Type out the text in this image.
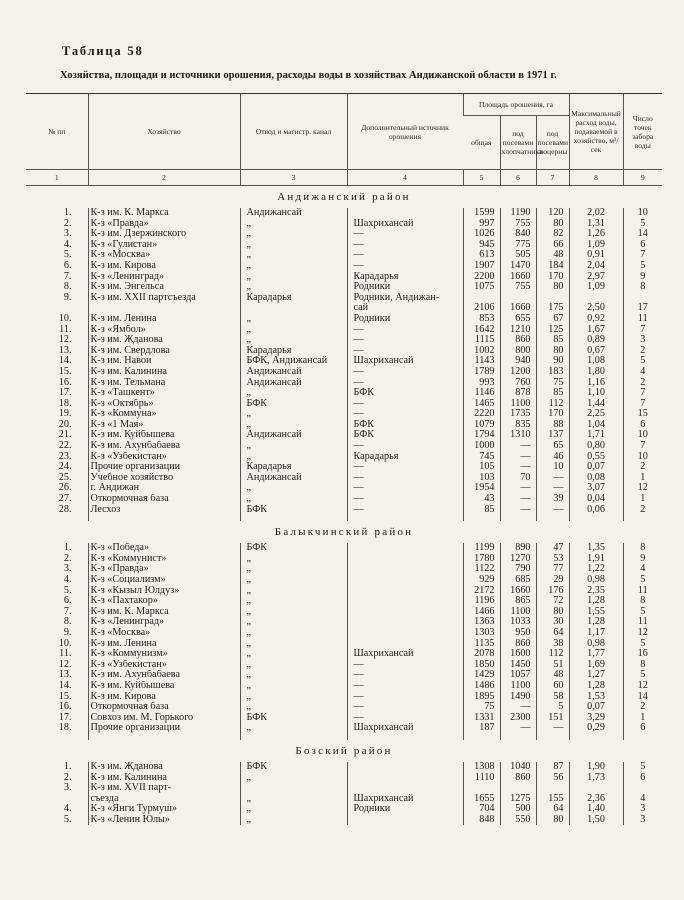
Таблица 58
Хозяйства, площади и источники орошения, расходы воды в хозяйствах Андижанской области в 1971 г.
№ пп	Хозяйство	Отвод и магистр. канал	Дополнительный источник орошения	Площадь орошения, га			Максимальный расход воды, подаваемой в хозяйство, м³/сек	Число точек забора воды
				общая	под посевами хлопчатника	под посевами люцерны		
1	2	3	4	5	6	7	8	9
Андижанский район								
1.	К-з им. К. Маркса	Андижансай		1599	1190	120	2,02	10
2.	К-з «Правда»	„	Шахрихансай	997	755	80	1,31	5
3.	К-з им. Дзержинского	„	—	1026	840	82	1,26	14
4.	К-з «Гулистан»	„	—	945	775	66	1,09	6
5.	К-з «Москва»	„	—	613	505	48	0,91	7
6.	К-з им. Кирова	„	—	1907	1470	184	2,04	5
7.	К-з «Ленинград»	„	Карадарья	2200	1660	170	2,97	9
8.	К-з им. Энгельса	„	Родники	1075	755	80	1,09	8
9.	К-з им. XXII партсъезда	Карадарья	Родники, Андижан-					
			сай	2106	1660	175	2,50	17
10.	К-з им. Ленина	„	Родники	853	655	67	0,92	11
11.	К-з «Ямбол»	„	—	1642	1210	125	1,67	7
12.	К-з им. Жданова	„	—	1115	860	85	0,89	3
13.	К-з им. Свердлова	Карадарья	—	1002	800	80	0,67	2
14.	К-з им. Навои	БФК, Андижансай	Шахрихансай	1143	940	90	1,08	5
15.	К-з им. Калинина	Андижансай	—	1789	1200	183	1,80	4
16.	К-з им. Тельмана	Андижансай	—	993	760	75	1,16	2
17.	К-з «Ташкент»	„	БФК	1146	878	85	1,10	7
18.	К-з «Октябрь»	БФК	—	1465	1100	112	1,44	7
19.	К-з «Коммуна»	„	—	2220	1735	170	2,25	15
20.	К-з «1 Мая»	„	БФК	1079	835	88	1,04	6
21.	К-з им. Куйбышева	Андижансай	БФК	1794	1310	137	1,71	10
22.	К-з им. Ахунбабаева	„	—	1000	—	65	0,80	7
23.	К-з «Узбекистан»	„	Карадарья	745	—	46	0,55	10
24.	Прочие организации	Карадарья	—	105	—	10	0,07	2
25.	Учебное хозяйство	Андижансай	—	103	70	—	0,08	1
26.	г. Андижан	„	—	1954	—	—	3,07	12
27.	Откормочная база	„	—	43	—	39	0,04	1
28.	Лесхоз	БФК	—	85	—	—	0,06	2

Балыкчинский район								
1.	К-з «Победа»	БФК		1199	890	47	1,35	8
2.	К-з «Коммунист»	„		1780	1270	53	1,91	9
3.	К-з «Правда»	„		1122	790	77	1,22	4
4.	К-з «Социализм»	„		929	685	29	0,98	5
5.	К-з «Кызыл Юлдуз»	„		2172	1660	176	2,35	11
6.	К-з «Пахтакор»	„		1196	865	72	1,28	8
7.	К-з им. К. Маркса	„		1466	1100	80	1,55	5
8.	К-з «Ленинград»	„		1363	1033	30	1,28	11
9.	К-з «Москва»	„		1303	950	64	1,17	12
10.	К-з им. Ленина	„		1135	860	38	0,98	5
11.	К-з «Коммунизм»	„	Шахрихансай	2078	1600	112	1,77	16
12.	К-з «Узбекистан»	„	—	1850	1450	51	1,69	8
13.	К-з им. Ахунбабаева	„	—	1429	1057	48	1,27	5
14.	К-з им. Куйбышева	„	—	1486	1100	60	1,28	12
15.	К-з им. Кирова	„	—	1895	1490	58	1,53	14
16.	Откормочная база	„	—	75	—	5	0,07	2
17.	Совхоз им. М. Горького	БФК	—	1331	2300	151	3,29	1
18.	Прочие организации	„	Шахрихансай	187	—	—	0,29	6

Бозский район								
1.	К-з им. Жданова	БФК		1308	1040	87	1,90	5
2.	К-з им. Калинина	„		1110	860	56	1,73	6
3.	К-з им. XVII парт-							
	съезда	„	Шахрихансай	1655	1275	155	2,36	4
4.	К-з «Янги Турмуш»	„	Родники	704	500	64	1,40	3
5.	К-з «Ленин Юлы»	„		848	550	80	1,50	3
